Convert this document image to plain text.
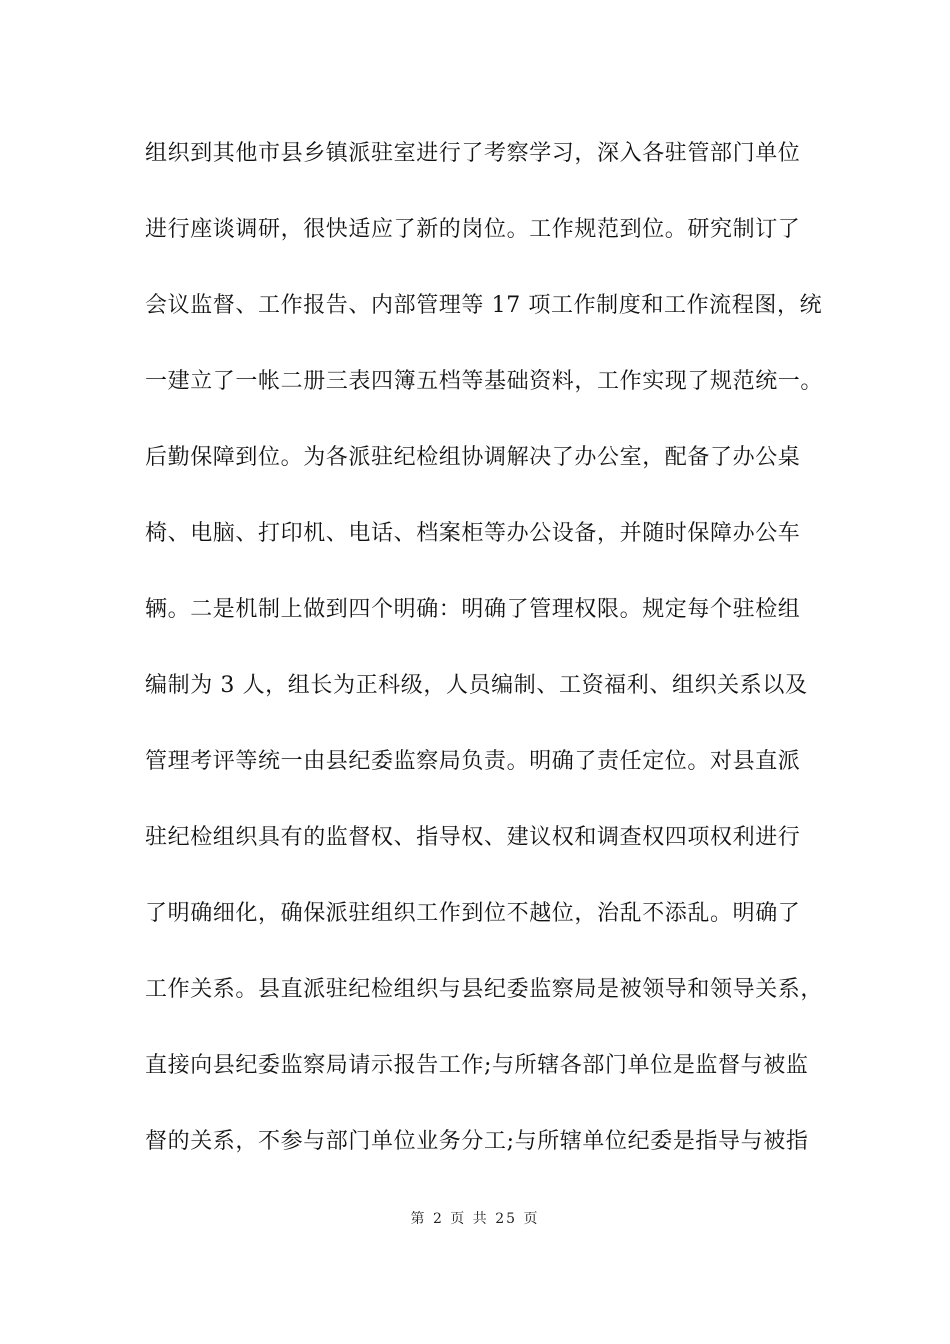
组织到其他市县乡镇派驻室进行了考察学习，深入各驻管部门单位
进行座谈调研，很快适应了新的岗位。工作规范到位。研究制订了
会议监督、工作报告、内部管理等 17 项工作制度和工作流程图，统
一建立了一帐二册三表四簿五档等基础资料，工作实现了规范统一。
后勤保障到位。为各派驻纪检组协调解决了办公室，配备了办公桌
椅、电脑、打印机、电话、档案柜等办公设备，并随时保障办公车
辆。二是机制上做到四个明确：明确了管理权限。规定每个驻检组
编制为 3 人，组长为正科级，人员编制、工资福利、组织关系以及
管理考评等统一由县纪委监察局负责。明确了责任定位。对县直派
驻纪检组织具有的监督权、指导权、建议权和调查权四项权利进行
了明确细化，确保派驻组织工作到位不越位，治乱不添乱。明确了
工作关系。县直派驻纪检组织与县纪委监察局是被领导和领导关系，
直接向县纪委监察局请示报告工作;与所辖各部门单位是监督与被监
督的关系，不参与部门单位业务分工;与所辖单位纪委是指导与被指
第 2 页 共 25 页
